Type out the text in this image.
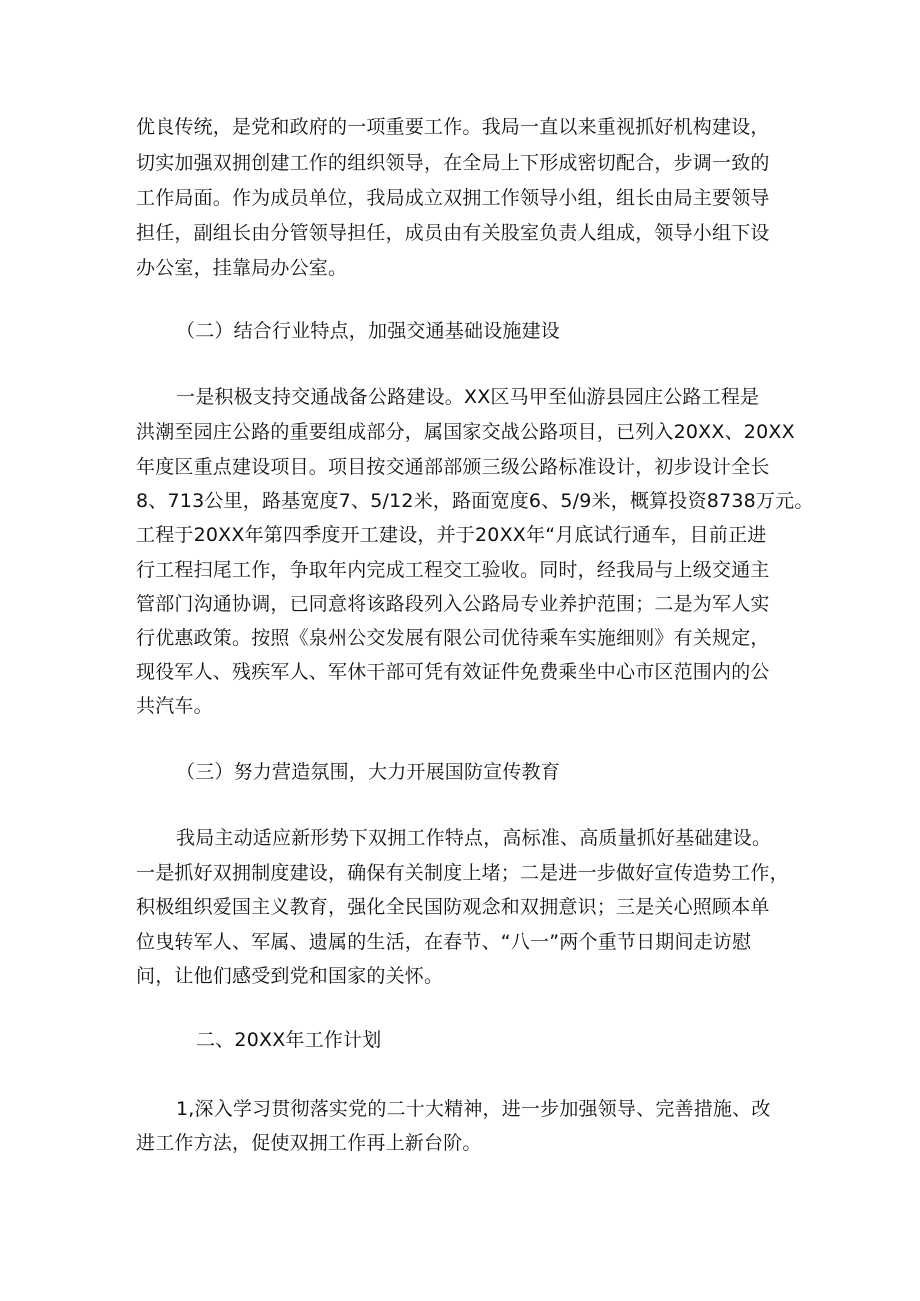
优良传统，是党和政府的一项重要工作。我局一直以来重视抓好机构建设，
切实加强双拥创建工作的组织领导，在全局上下形成密切配合，步调一致的
工作局面。作为成员单位，我局成立双拥工作领导小组，组长由局主要领导
担任，副组长由分管领导担任，成员由有关股室负责人组成，领导小组下设
办公室，挂靠局办公室。
（二）结合行业特点，加强交通基础设施建设
一是积极支持交通战备公路建设。XX区马甲至仙游县园庄公路工程是
洪潮至园庄公路的重要组成部分，属国家交战公路项目，已列入20XX、20XX
年度区重点建设项目。项目按交通部部颁三级公路标准设计，初步设计全长
8、713公里，路基宽度7、5/12米，路面宽度6、5/9米，概算投资8738万元。
工程于20XX年第四季度开工建设，并于20XX年“月底试行通车，目前正进
行工程扫尾工作，争取年内完成工程交工验收。同时，经我局与上级交通主
管部门沟通协调，已同意将该路段列入公路局专业养护范围；二是为军人实
行优惠政策。按照《泉州公交发展有限公司优待乘车实施细则》有关规定，
现役军人、残疾军人、军休干部可凭有效证件免费乘坐中心市区范围内的公
共汽车。
（三）努力营造氛围，大力开展国防宣传教育
我局主动适应新形势下双拥工作特点，高标准、高质量抓好基础建设。
一是抓好双拥制度建设，确保有关制度上堵；二是进一步做好宣传造势工作，
积极组织爱国主义教育，强化全民国防观念和双拥意识；三是关心照顾本单
位曳转军人、军属、遗属的生活，在春节、“八一”两个重节日期间走访慰
问，让他们感受到党和国家的关怀。
二、20XX年工作计划
1,深入学习贯彻落实党的二十大精神，进一步加强领导、完善措施、改
进工作方法，促使双拥工作再上新台阶。
